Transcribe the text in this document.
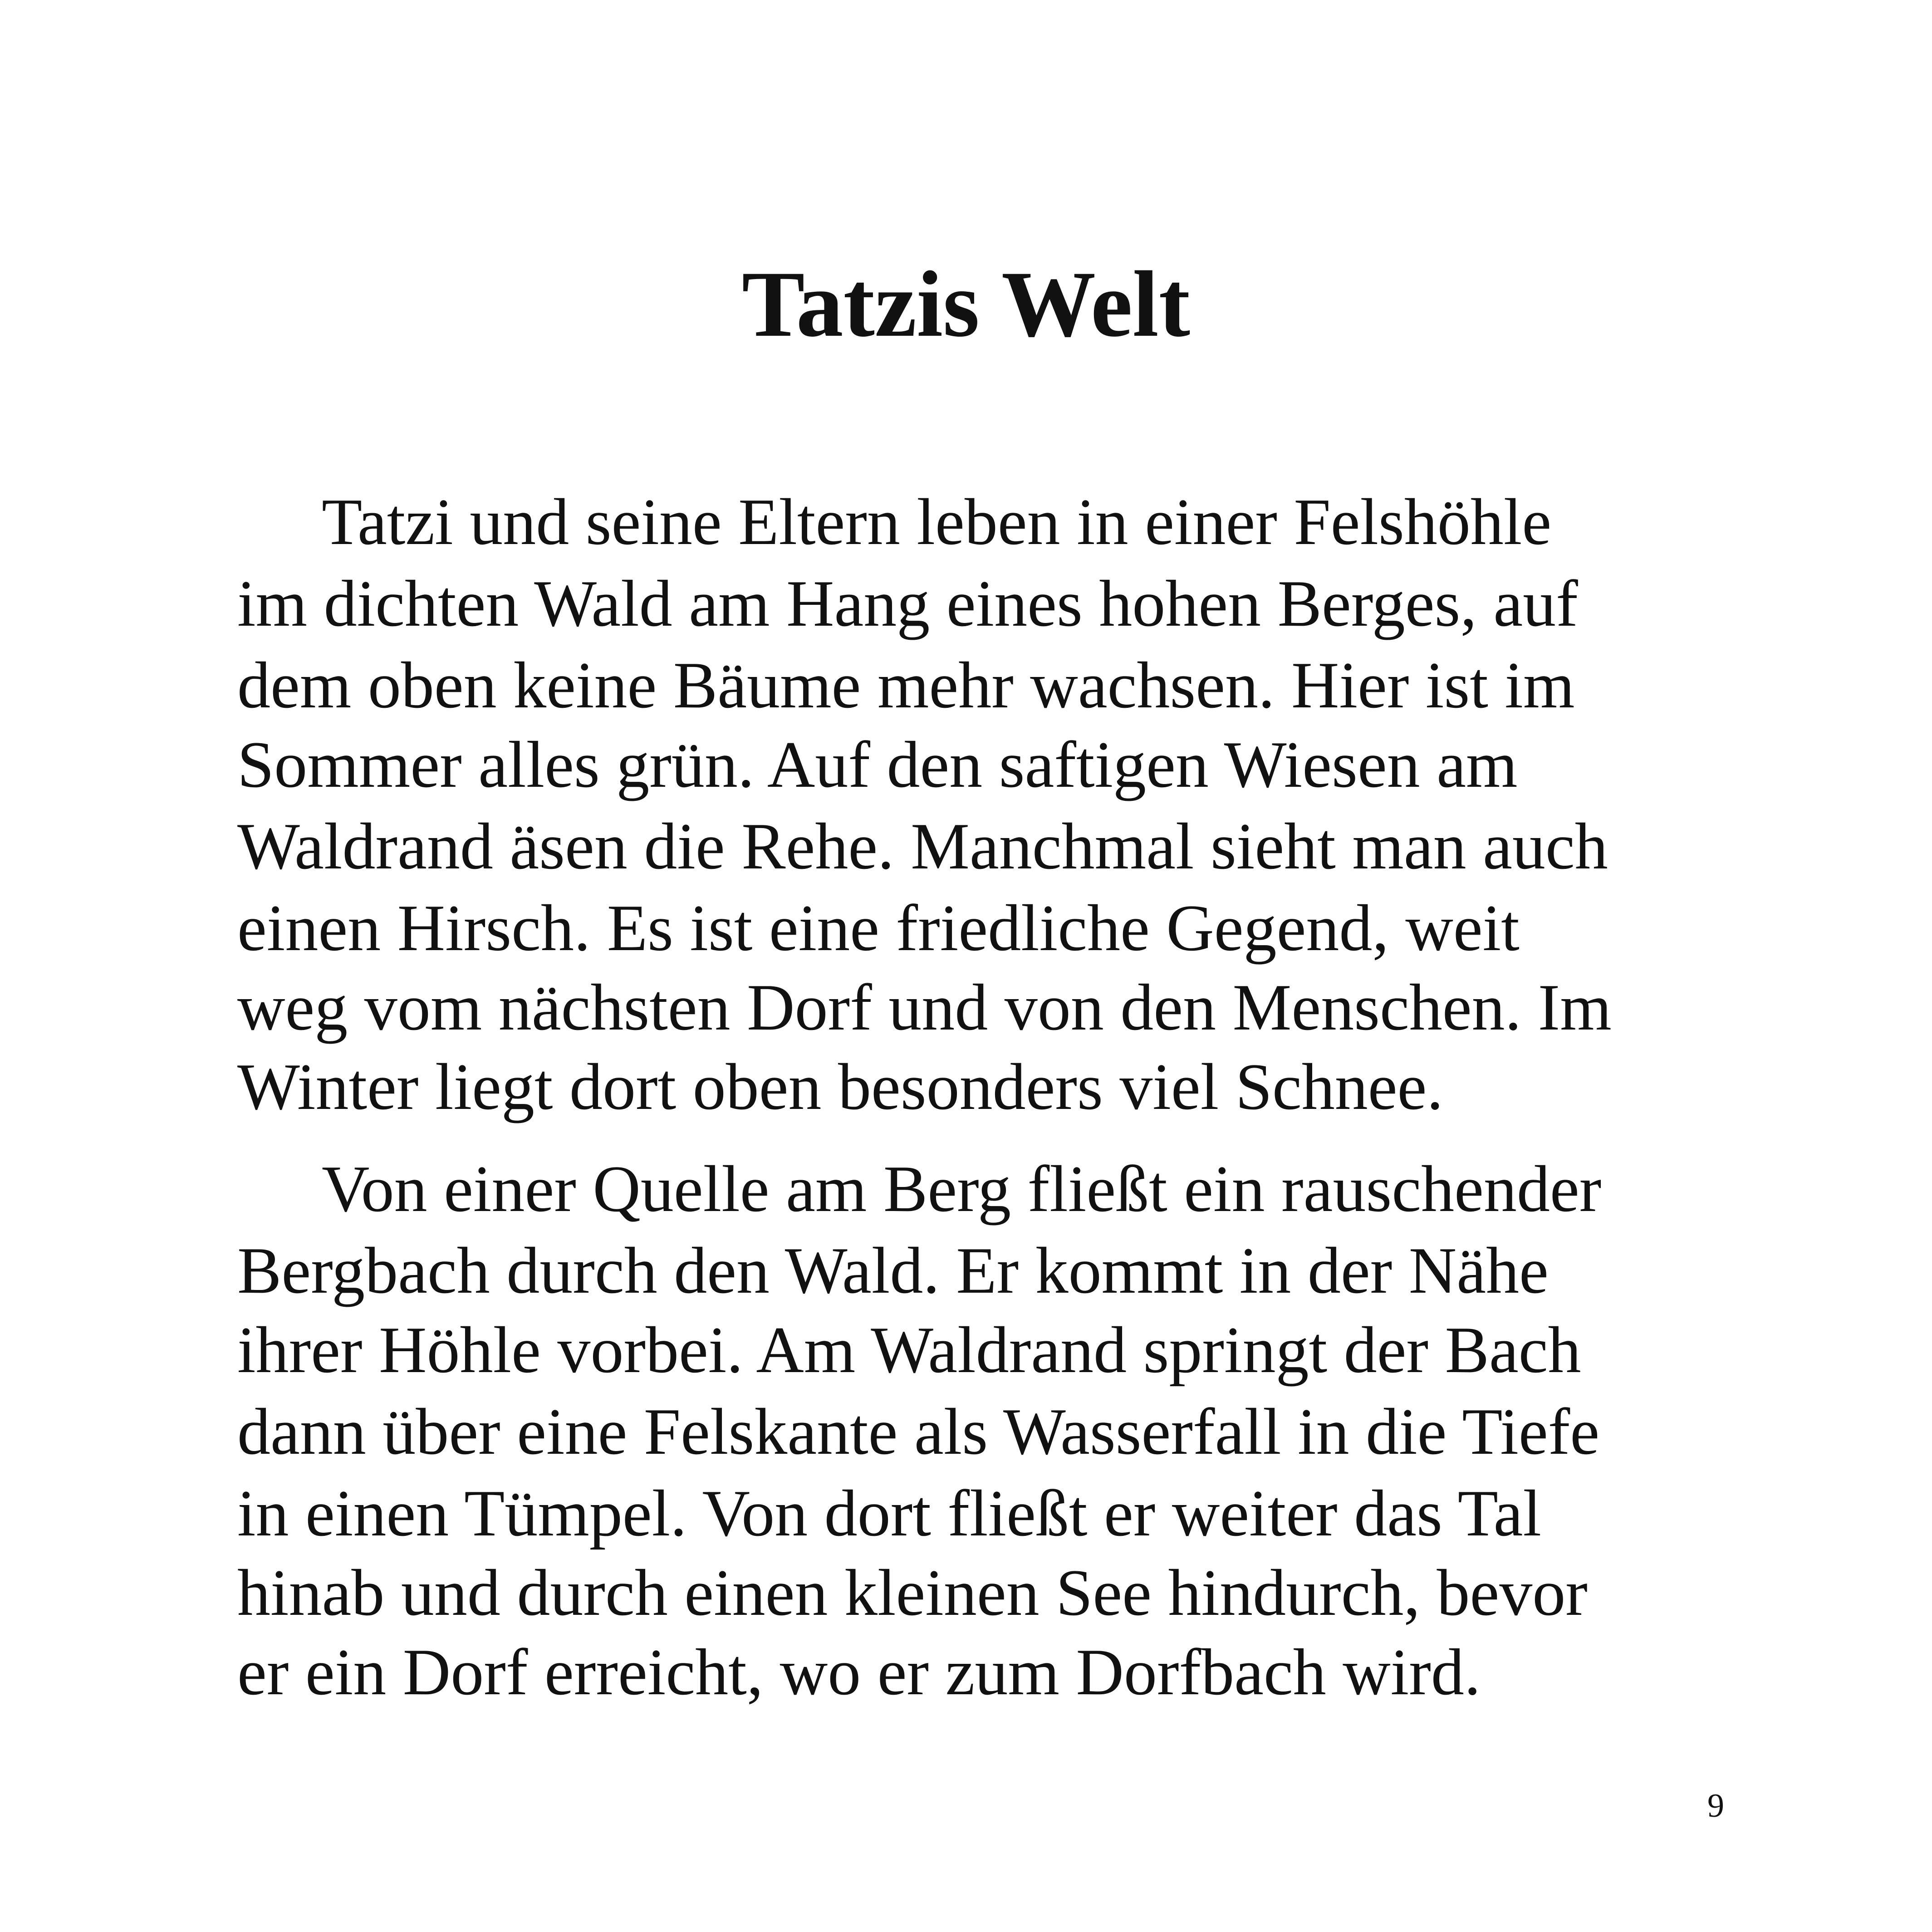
Tatzis Welt

Tatzi und seine Eltern leben in einer Felshöhle

im dichten Wald am Hang eines hohen Berges, auf

dem oben keine Bäume mehr wachsen. Hier ist im

Sommer alles grün. Auf den saftigen Wiesen am

Waldrand äsen die Rehe. Manchmal sieht man auch

einen Hirsch. Es ist eine friedliche Gegend, weit

weg vom nächsten Dorf und von den Menschen. Im

Winter liegt dort oben besonders viel Schnee.

Von einer Quelle am Berg fließt ein rauschender

Bergbach durch den Wald. Er kommt in der Nähe

ihrer Höhle vorbei. Am Waldrand springt der Bach

dann über eine Felskante als Wasserfall in die Tiefe

in einen Tümpel. Von dort fließt er weiter das Tal

hinab und durch einen kleinen See hindurch, bevor

er ein Dorf erreicht, wo er zum Dorfbach wird.

9
